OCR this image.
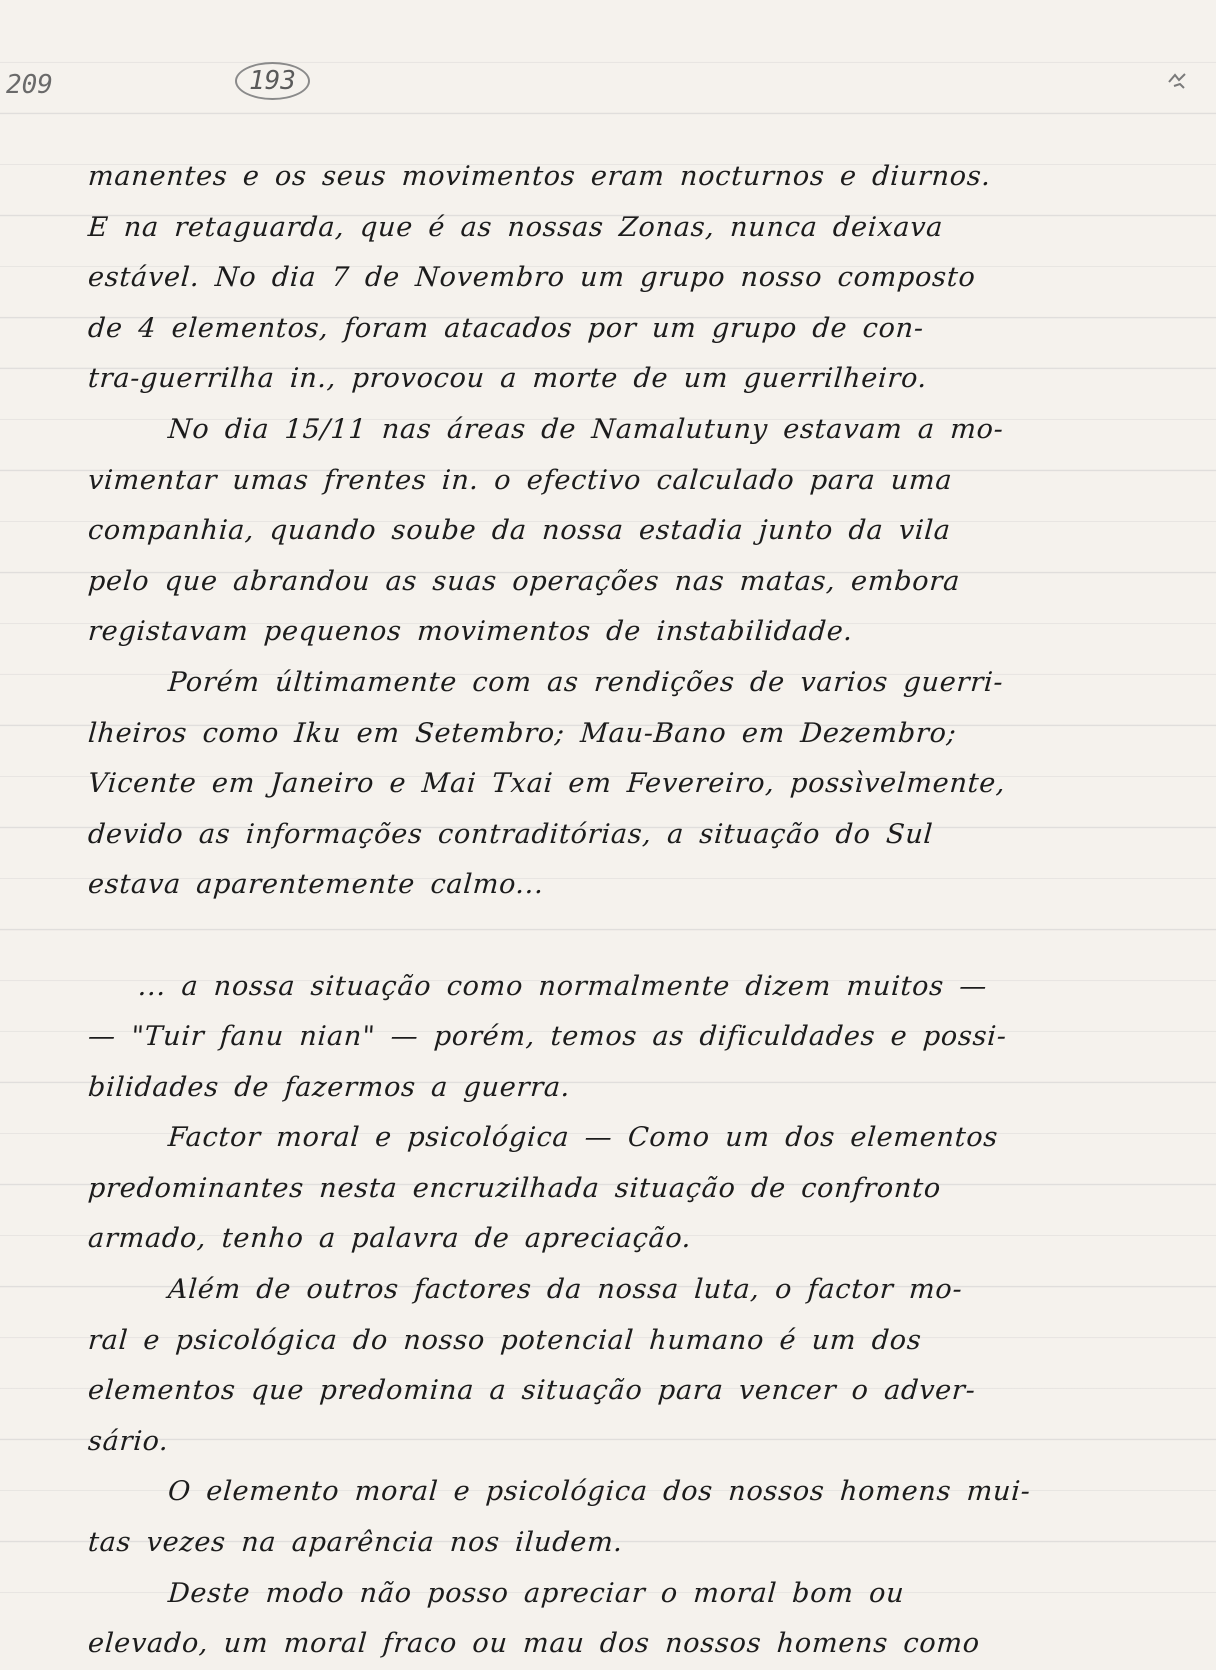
209	193
manentes e os seus movimentos eram nocturnos e diurnos.
E na retaguarda, que é as nossas Zonas, nunca deixava
estável. No dia 7 de Novembro um grupo nosso composto
de 4 elementos, foram atacados por um grupo de con-
tra-guerrilha in., provocou a morte de um guerrilheiro.
No dia 15/11 nas áreas de Namalutuny estavam a mo-
vimentar umas frentes in. o efectivo calculado para uma
companhia, quando soube da nossa estadia junto da vila
pelo que abrandou as suas operações nas matas, embora
registavam pequenos movimentos de instabilidade.
Porém últimamente com as rendições de varios guerri-
lheiros como Iku em Setembro; Mau-Bano em Dezembro;
Vicente em Janeiro e Mai Txai em Fevereiro, possìvelmente,
devido as informações contraditórias, a situação do Sul
estava aparentemente calmo...
... a nossa situação como normalmente dizem muitos —
— "Tuir fanu nian" — porém, temos as dificuldades e possi-
bilidades de fazermos a guerra.
Factor moral e psicológica — Como um dos elementos
predominantes nesta encruzilhada situação de confronto
armado, tenho a palavra de apreciação.
Além de outros factores da nossa luta, o factor mo-
ral e psicológica do nosso potencial humano é um dos
elementos que predomina a situação para vencer o adver-
sário.
O elemento moral e psicológica dos nossos homens mui-
tas vezes na aparência nos iludem.
Deste modo não posso apreciar o moral bom ou
elevado, um moral fraco ou mau dos nossos homens como
